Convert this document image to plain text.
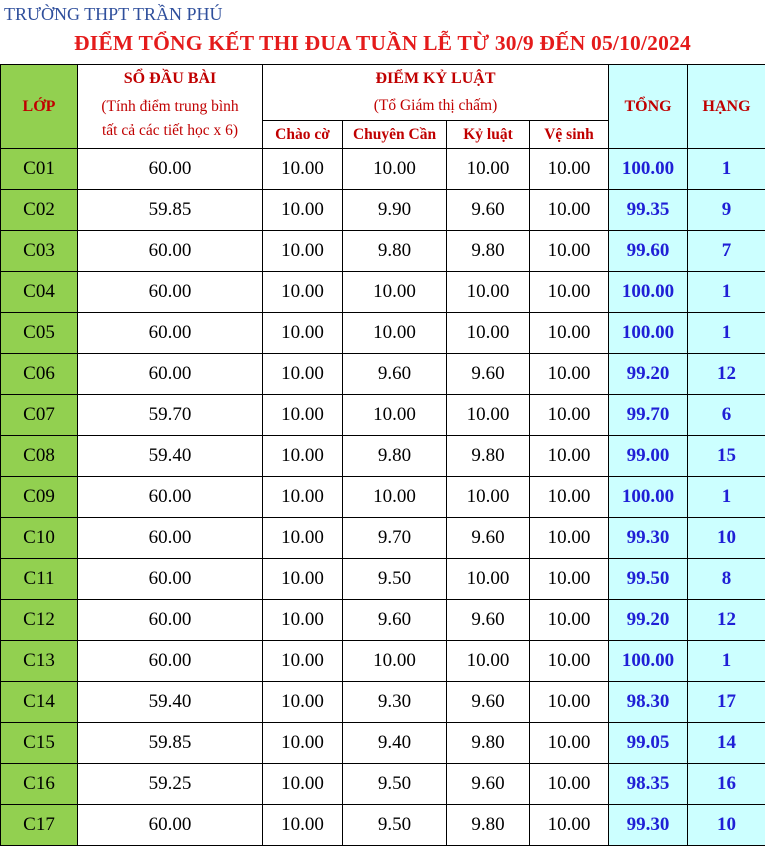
TRƯỜNG THPT TRẦN PHÚ
ĐIỂM TỔNG KẾT THI ĐUA TUẦN LỄ TỪ 30/9 ĐẾN 05/10/2024
LỚP	SỔ ĐẦU BÀI	ĐIỂM KỶ LUẬT				TỔNG	HẠNG

	(Tính điểm trung bình
tất cả các tiết học x 6)	(Tổ Giám thị chấm)					
		Chào cờ	Chuyên Cần	Kỷ luật	Vệ sinh		
C01	60.00	10.00	10.00	10.00	10.00	100.00	1
C02	59.85	10.00	9.90	9.60	10.00	99.35	9
C03	60.00	10.00	9.80	9.80	10.00	99.60	7
C04	60.00	10.00	10.00	10.00	10.00	100.00	1
C05	60.00	10.00	10.00	10.00	10.00	100.00	1
C06	60.00	10.00	9.60	9.60	10.00	99.20	12
C07	59.70	10.00	10.00	10.00	10.00	99.70	6
C08	59.40	10.00	9.80	9.80	10.00	99.00	15
C09	60.00	10.00	10.00	10.00	10.00	100.00	1
C10	60.00	10.00	9.70	9.60	10.00	99.30	10
C11	60.00	10.00	9.50	10.00	10.00	99.50	8
C12	60.00	10.00	9.60	9.60	10.00	99.20	12
C13	60.00	10.00	10.00	10.00	10.00	100.00	1
C14	59.40	10.00	9.30	9.60	10.00	98.30	17
C15	59.85	10.00	9.40	9.80	10.00	99.05	14
C16	59.25	10.00	9.50	9.60	10.00	98.35	16
C17	60.00	10.00	9.50	9.80	10.00	99.30	10
